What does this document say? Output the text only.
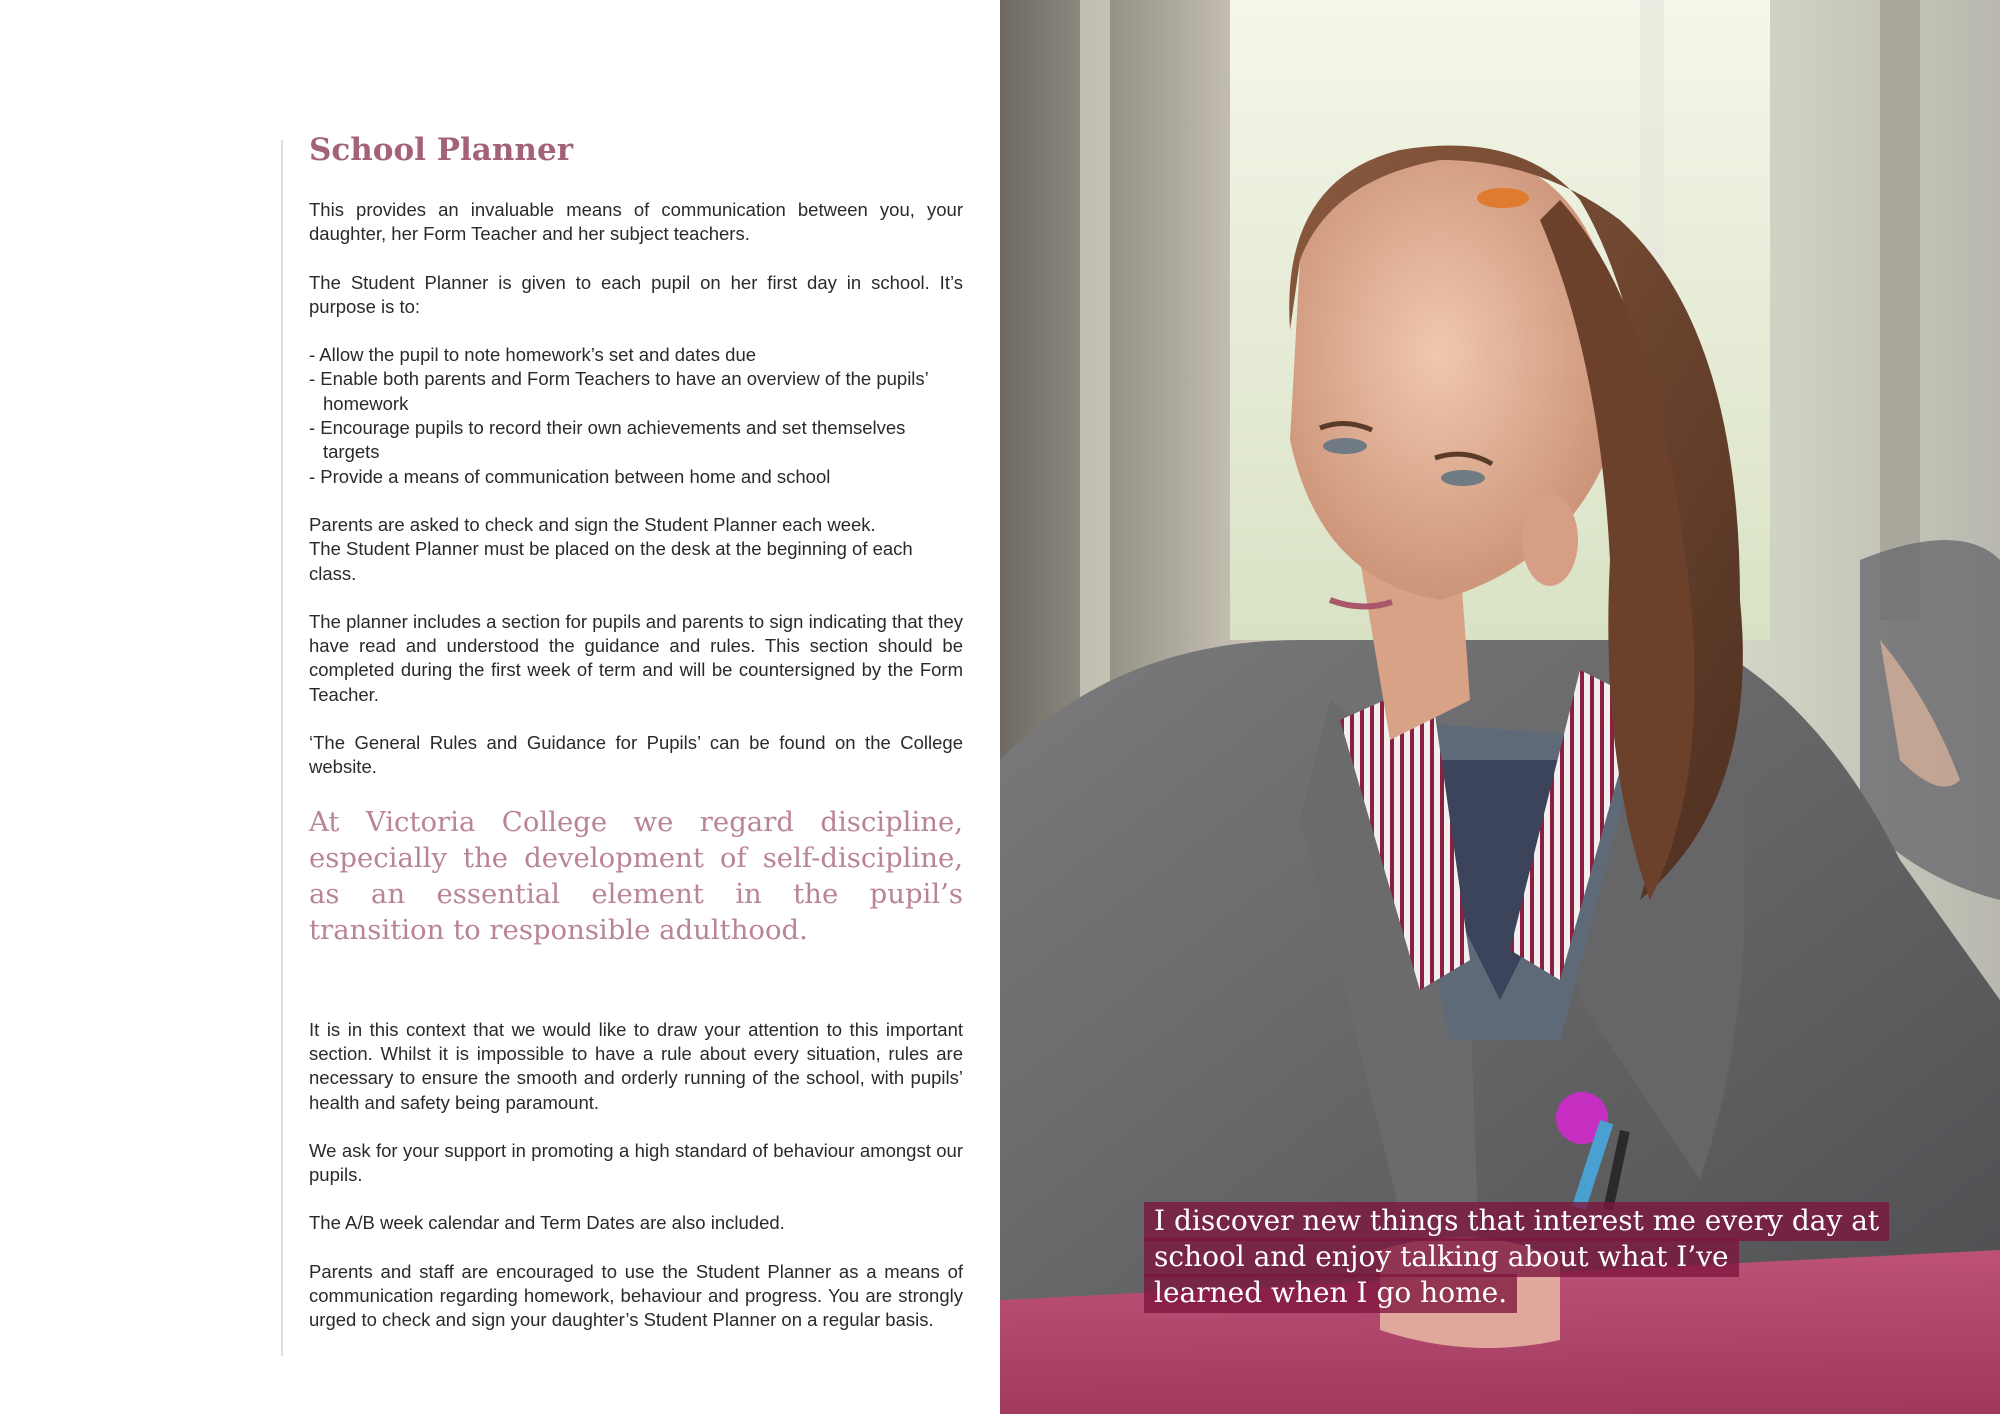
School Planner

This provides an invaluable means of communication between you, your daughter, her Form Teacher and her subject teachers.

The Student Planner is given to each pupil on her first day in school. It’s purpose is to:

- Allow the pupil to note homework’s set and dates due
- Enable both parents and Form Teachers to have an overview of the pupils’ homework
- Encourage pupils to record their own achievements and set themselves targets
- Provide a means of communication between home and school
Parents are asked to check and sign the Student Planner each week.
The Student Planner must be placed on the desk at the beginning of each class.

The planner includes a section for pupils and parents to sign indicating that they have read and understood the guidance and rules. This section should be completed during the first week of term and will be countersigned by the Form Teacher.

‘The General Rules and Guidance for Pupils’ can be found on the College website.

At Victoria College we regard discipline, especially the development of self-discipline, as an essential element in the pupil’s transition to responsible adulthood.

It is in this context that we would like to draw your attention to this important section. Whilst it is impossible to have a rule about every situation, rules are necessary to ensure the smooth and orderly running of the school, with pupils’ health and safety being paramount.

We ask for your support in promoting a high standard of behaviour amongst our pupils.

The A/B week calendar and Term Dates are also included.

Parents and staff are encouraged to use the Student Planner as a means of communication regarding homework, behaviour and progress. You are strongly urged to check and sign your daughter’s Student Planner on a regular basis.

I discover new things that interest me every day at
school and enjoy talking about what I’ve
learned when I go home.
